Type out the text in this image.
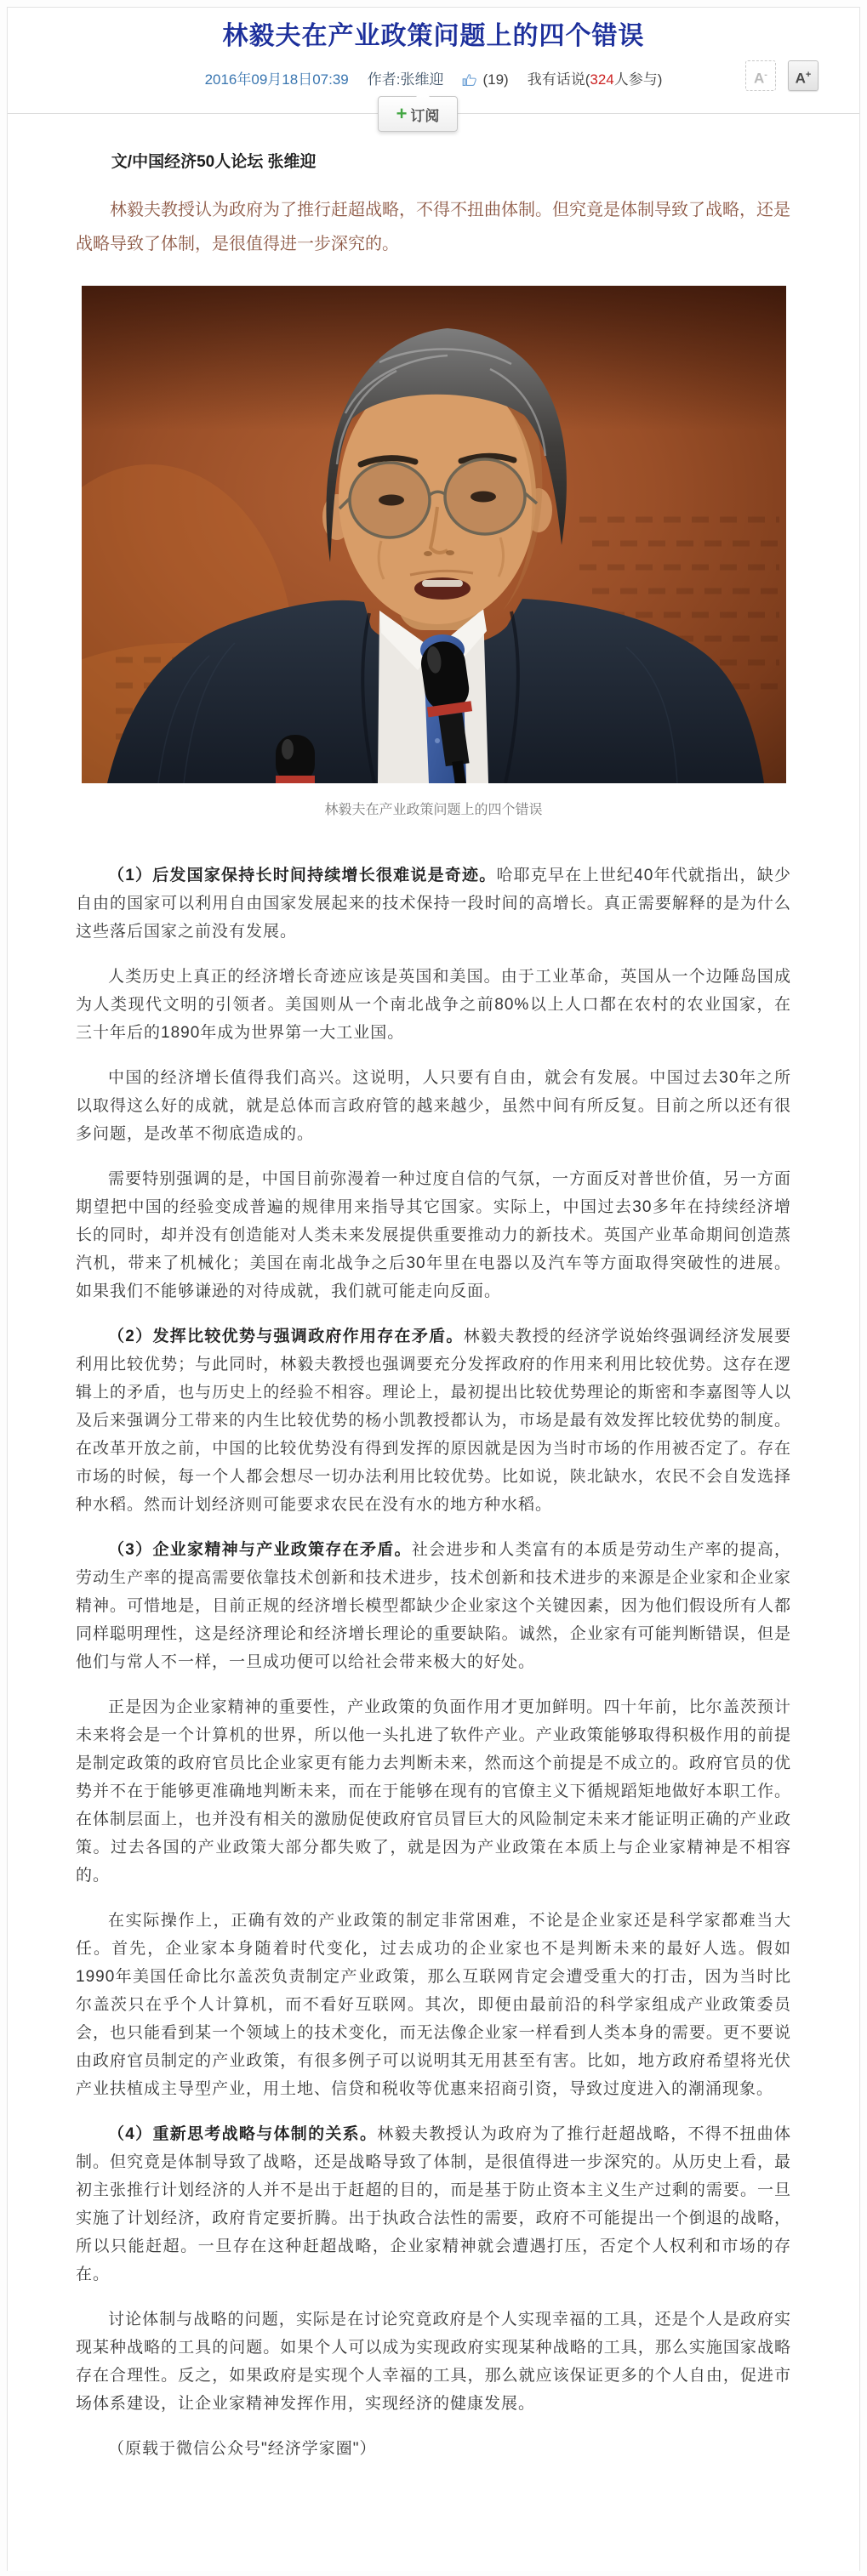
林毅夫在产业政策问题上的四个错误
2016年09月18日07:39 作者:张维迎	(19) 我有话说(324人参与)	A-	A+
+ 订阅
文/中国经济50人论坛 张维迎

林毅夫教授认为政府为了推行赶超战略，不得不扭曲体制。但究竟是体制导致了战略，还是战略导致了体制，是很值得进一步深究的。

林毅夫在产业政策问题上的四个错误

（1）后发国家保持长时间持续增长很难说是奇迹。哈耶克早在上世纪40年代就指出，缺少自由的国家可以利用自由国家发展起来的技术保持一段时间的高增长。真正需要解释的是为什么这些落后国家之前没有发展。

人类历史上真正的经济增长奇迹应该是英国和美国。由于工业革命，英国从一个边陲岛国成为人类现代文明的引领者。美国则从一个南北战争之前80%以上人口都在农村的农业国家，在三十年后的1890年成为世界第一大工业国。

中国的经济增长值得我们高兴。这说明，人只要有自由，就会有发展。中国过去30年之所以取得这么好的成就，就是总体而言政府管的越来越少，虽然中间有所反复。目前之所以还有很多问题，是改革不彻底造成的。

需要特别强调的是，中国目前弥漫着一种过度自信的气氛，一方面反对普世价值，另一方面期望把中国的经验变成普遍的规律用来指导其它国家。实际上，中国过去30多年在持续经济增长的同时，却并没有创造能对人类未来发展提供重要推动力的新技术。英国产业革命期间创造蒸汽机，带来了机械化；美国在南北战争之后30年里在电器以及汽车等方面取得突破性的进展。如果我们不能够谦逊的对待成就，我们就可能走向反面。

（2）发挥比较优势与强调政府作用存在矛盾。林毅夫教授的经济学说始终强调经济发展要利用比较优势；与此同时，林毅夫教授也强调要充分发挥政府的作用来利用比较优势。这存在逻辑上的矛盾，也与历史上的经验不相容。理论上，最初提出比较优势理论的斯密和李嘉图等人以及后来强调分工带来的内生比较优势的杨小凯教授都认为，市场是最有效发挥比较优势的制度。在改革开放之前，中国的比较优势没有得到发挥的原因就是因为当时市场的作用被否定了。存在市场的时候，每一个人都会想尽一切办法利用比较优势。比如说，陕北缺水，农民不会自发选择种水稻。然而计划经济则可能要求农民在没有水的地方种水稻。

（3）企业家精神与产业政策存在矛盾。社会进步和人类富有的本质是劳动生产率的提高，劳动生产率的提高需要依靠技术创新和技术进步，技术创新和技术进步的来源是企业家和企业家精神。可惜地是，目前正规的经济增长模型都缺少企业家这个关键因素，因为他们假设所有人都同样聪明理性，这是经济理论和经济增长理论的重要缺陷。诚然，企业家有可能判断错误，但是他们与常人不一样，一旦成功便可以给社会带来极大的好处。

正是因为企业家精神的重要性，产业政策的负面作用才更加鲜明。四十年前，比尔盖茨预计未来将会是一个计算机的世界，所以他一头扎进了软件产业。产业政策能够取得积极作用的前提是制定政策的政府官员比企业家更有能力去判断未来，然而这个前提是不成立的。政府官员的优势并不在于能够更准确地判断未来，而在于能够在现有的官僚主义下循规蹈矩地做好本职工作。在体制层面上，也并没有相关的激励促使政府官员冒巨大的风险制定未来才能证明正确的产业政策。过去各国的产业政策大部分都失败了，就是因为产业政策在本质上与企业家精神是不相容的。

在实际操作上，正确有效的产业政策的制定非常困难，不论是企业家还是科学家都难当大任。首先，企业家本身随着时代变化，过去成功的企业家也不是判断未来的最好人选。假如1990年美国任命比尔盖茨负责制定产业政策，那么互联网肯定会遭受重大的打击，因为当时比尔盖茨只在乎个人计算机，而不看好互联网。其次，即便由最前沿的科学家组成产业政策委员会，也只能看到某一个领域上的技术变化，而无法像企业家一样看到人类本身的需要。更不要说由政府官员制定的产业政策，有很多例子可以说明其无用甚至有害。比如，地方政府希望将光伏产业扶植成主导型产业，用土地、信贷和税收等优惠来招商引资，导致过度进入的潮涌现象。

（4）重新思考战略与体制的关系。林毅夫教授认为政府为了推行赶超战略，不得不扭曲体制。但究竟是体制导致了战略，还是战略导致了体制，是很值得进一步深究的。从历史上看，最初主张推行计划经济的人并不是出于赶超的目的，而是基于防止资本主义生产过剩的需要。一旦实施了计划经济，政府肯定要折腾。出于执政合法性的需要，政府不可能提出一个倒退的战略，所以只能赶超。一旦存在这种赶超战略，企业家精神就会遭遇打压，否定个人权利和市场的存在。

讨论体制与战略的问题，实际是在讨论究竟政府是个人实现幸福的工具，还是个人是政府实现某种战略的工具的问题。如果个人可以成为实现政府实现某种战略的工具，那么实施国家战略存在合理性。反之，如果政府是实现个人幸福的工具，那么就应该保证更多的个人自由，促进市场体系建设，让企业家精神发挥作用，实现经济的健康发展。

（原载于微信公众号"经济学家圈"）
